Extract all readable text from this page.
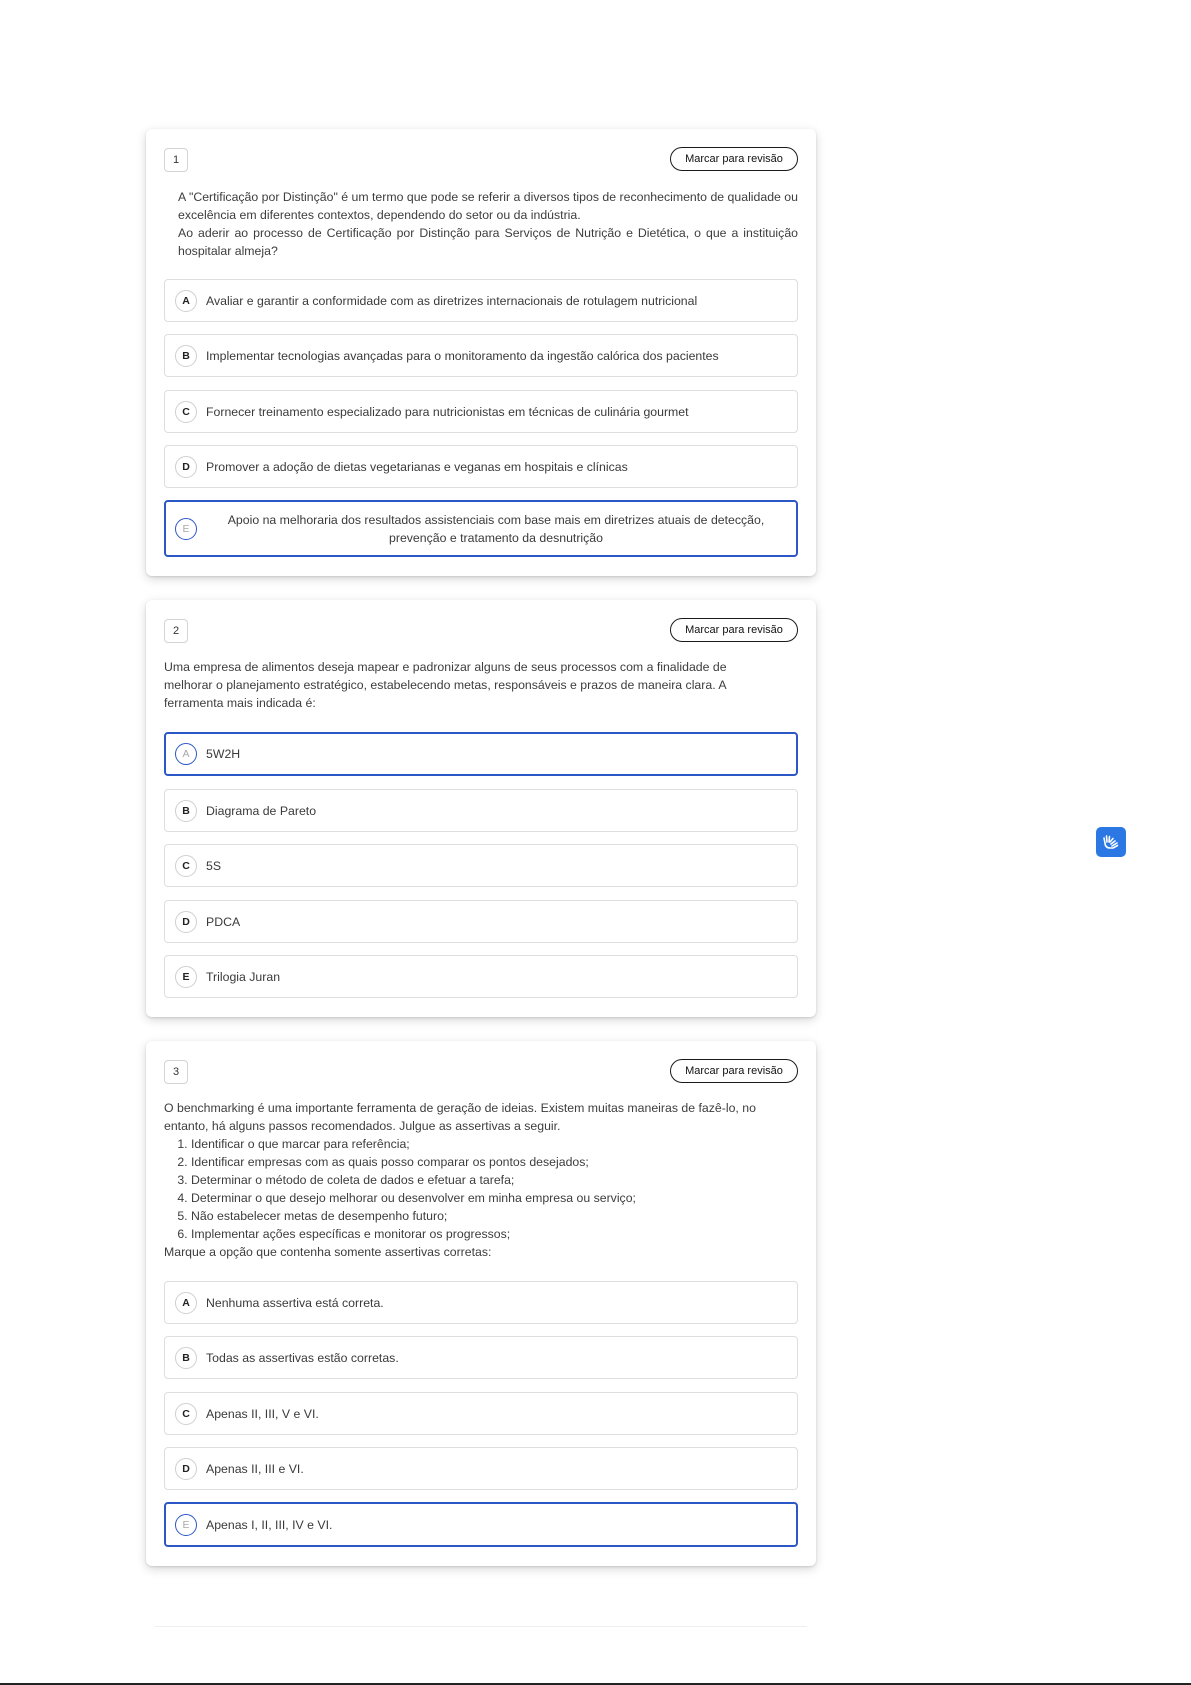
1	Marcar para revisão

A "Certificação por Distinção" é um termo que pode se referir a diversos tipos de reconhecimento de qualidade ou excelência em diferentes contextos, dependendo do setor ou da indústria.

Ao aderir ao processo de Certificação por Distinção para Serviços de Nutrição e Dietética, o que a instituição hospitalar almeja?

A	Avaliar e garantir a conformidade com as diretrizes internacionais de rotulagem nutricional
B	Implementar tecnologias avançadas para o monitoramento da ingestão calórica dos pacientes
C	Fornecer treinamento especializado para nutricionistas em técnicas de culinária gourmet
D	Promover a adoção de dietas vegetarianas e veganas em hospitais e clínicas
E
Apoio na melhoraria dos resultados assistenciais com base mais em diretrizes atuais de detecção, prevenção e tratamento da desnutrição
2	Marcar para revisão
Uma empresa de alimentos deseja mapear e padronizar alguns de seus processos com a finalidade de melhorar o planejamento estratégico, estabelecendo metas, responsáveis e prazos de maneira clara. A ferramenta mais indicada é:
A	5W2H
B	Diagrama de Pareto
C	5S
D	PDCA
E	Trilogia Juran
3	Marcar para revisão

O benchmarking é uma importante ferramenta de geração de ideias. Existem muitas maneiras de fazê-lo, no entanto, há alguns passos recomendados. Julgue as assertivas a seguir.

1. Identificar o que marcar para referência;
2. Identificar empresas com as quais posso comparar os pontos desejados;
3. Determinar o método de coleta de dados e efetuar a tarefa;
4. Determinar o que desejo melhorar ou desenvolver em minha empresa ou serviço;
5. Não estabelecer metas de desempenho futuro;
6. Implementar ações específicas e monitorar os progressos;

Marque a opção que contenha somente assertivas corretas:

A	Nenhuma assertiva está correta.
B	Todas as assertivas estão corretas.
C	Apenas II, III, V e VI.
D	Apenas II, III e VI.
E	Apenas I, II, III, IV e VI.
